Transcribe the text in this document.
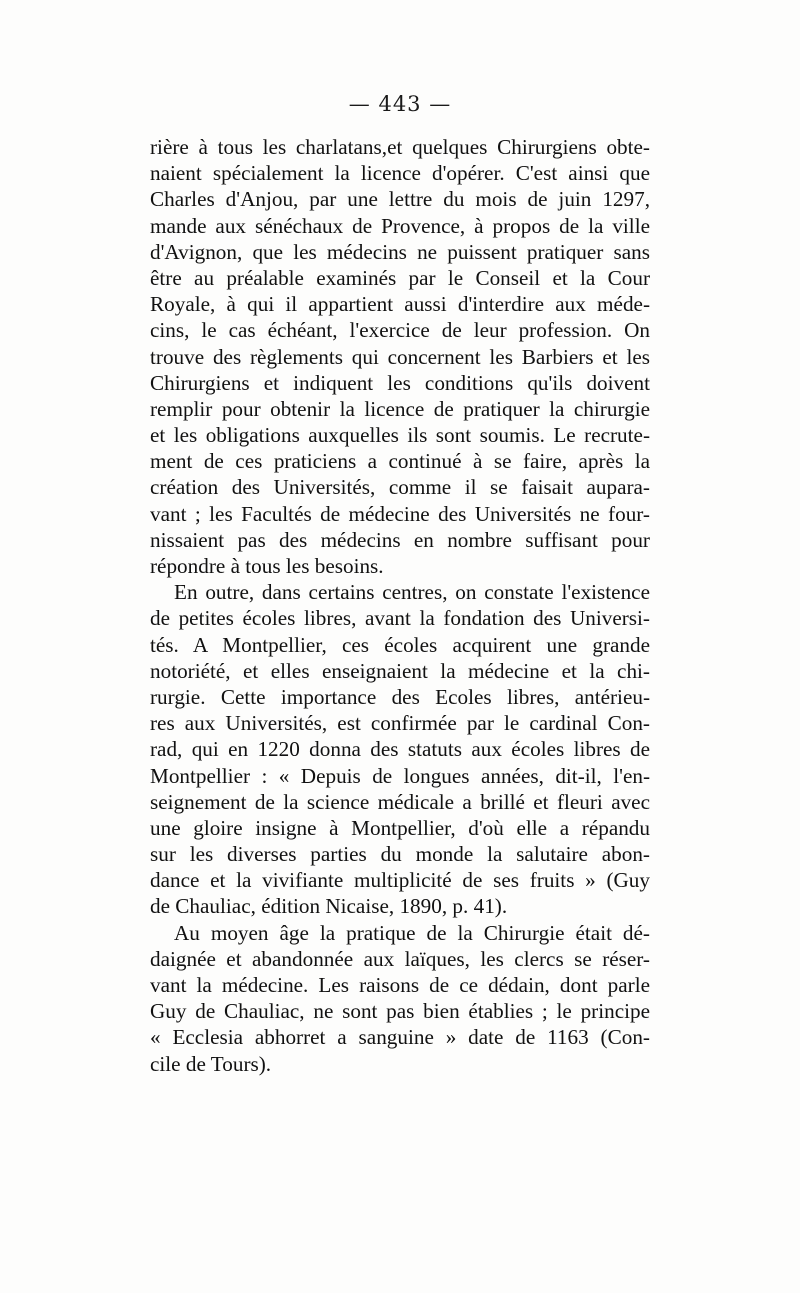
— 443 —
rière à tous les charlatans,et quelques Chirurgiens obte-
naient spécialement la licence d'opérer. C'est ainsi que
Charles d'Anjou, par une lettre du mois de juin 1297,
mande aux sénéchaux de Provence, à propos de la ville
d'Avignon, que les médecins ne puissent pratiquer sans
être au préalable examinés par le Conseil et la Cour
Royale, à qui il appartient aussi d'interdire aux méde-
cins, le cas échéant, l'exercice de leur profession. On
trouve des règlements qui concernent les Barbiers et les
Chirurgiens et indiquent les conditions qu'ils doivent
remplir pour obtenir la licence de pratiquer la chirurgie
et les obligations auxquelles ils sont soumis. Le recrute-
ment de ces praticiens a continué à se faire, après la
création des Universités, comme il se faisait aupara-
vant ; les Facultés de médecine des Universités ne four-
nissaient pas des médecins en nombre suffisant pour
répondre à tous les besoins.
En outre, dans certains centres, on constate l'existence
de petites écoles libres, avant la fondation des Universi-
tés. A Montpellier, ces écoles acquirent une grande
notoriété, et elles enseignaient la médecine et la chi-
rurgie. Cette importance des Ecoles libres, antérieu-
res aux Universités, est confirmée par le cardinal Con-
rad, qui en 1220 donna des statuts aux écoles libres de
Montpellier : « Depuis de longues années, dit-il, l'en-
seignement de la science médicale a brillé et fleuri avec
une gloire insigne à Montpellier, d'où elle a répandu
sur les diverses parties du monde la salutaire abon-
dance et la vivifiante multiplicité de ses fruits » (Guy
de Chauliac, édition Nicaise, 1890, p. 41).
Au moyen âge la pratique de la Chirurgie était dé-
daignée et abandonnée aux laïques, les clercs se réser-
vant la médecine. Les raisons de ce dédain, dont parle
Guy de Chauliac, ne sont pas bien établies ; le principe
« Ecclesia abhorret a sanguine » date de 1163 (Con-
cile de Tours).
